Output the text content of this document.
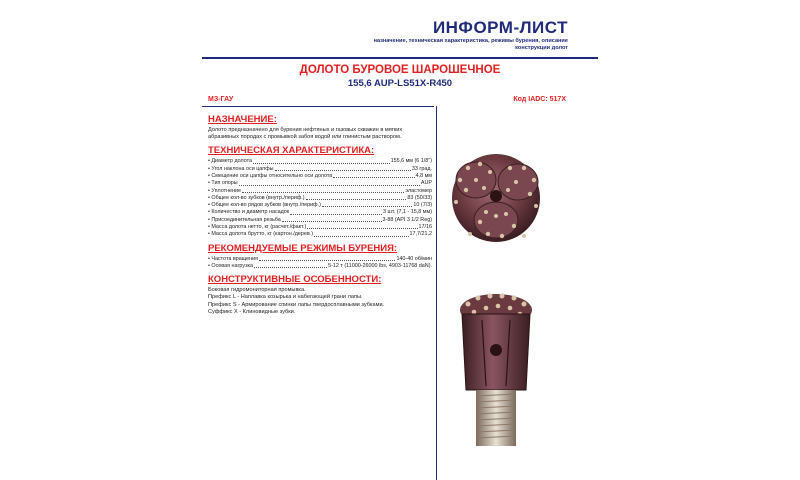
ИНФОРМ-ЛИСТ
назначение, техническая характеристика, режимы бурения, описание конструкции долот
ДОЛОТО БУРОВОЕ ШАРОШЕЧНОЕ
155,6 AUP-LS51X-R450
МЗ-ГАУ	Код IADC: 517X
НАЗНАЧЕНИЕ:

Долото предназначено для бурения нефтяных и газовых скважин в мягких абразивных породах с промывкой забоя водой или глинистым раствором.

ТЕХНИЧЕСКАЯ ХАРАКТЕРИСТИКА:
• Диаметр долота	155,6 мм (6 1/8")
• Угол наклона оси цапфы	33 град.
• Смещение оси цапфы относительно оси долота	4,8 мм
• Тип опоры	AUP
• Уплотнение	эластомер
• Общее кол-во зубков (внутр./периф.)	83 (50/33)
• Общее кол-во рядов зубков (внутр./периф.)	10 (7/3)
• Количество и диаметр насадок	3 шт. (7,1 - 15,8 мм)
• Присоединительная резьба	3-88 (API 3 1/2 Reg)
• Масса долота нетто, кг (расчет./факт.)	17/16
• Масса долота брутто, кг (картон./дерев.)	17,7/21,2
РЕКОМЕНДУЕМЫЕ РЕЖИМЫ БУРЕНИЯ:
• Частота вращения	140-40 об/мин
• Осевая нагрузка	5-12 т (11000-26000 lbs, 4903-11768 daN).
КОНСТРУКТИВНЫЕ ОСОБЕННОСТИ:

Боковая гидромониторная промывка.

Префикс L - Наплавка козырька и набегающей грани лапы.

Префикс S - Армирование спинки лапы твердосплавными зубками.

Суффикс X - Клиновидные зубки.
